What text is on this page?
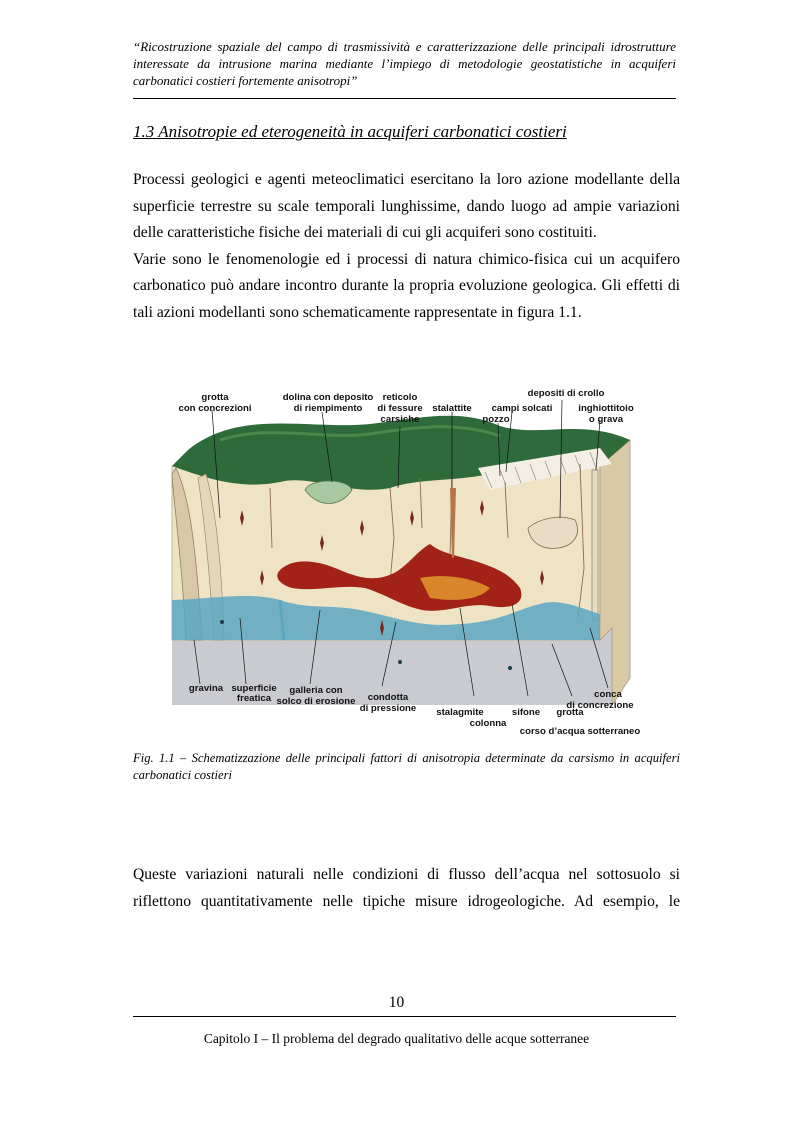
“Ricostruzione spaziale del campo di trasmissività e caratterizzazione delle principali idrostrutture interessate da intrusione marina mediante l’impiego di metodologie geostatistiche in acquiferi carbonatici costieri fortemente anisotropi”

1.3 Anisotropie ed eterogeneità in acquiferi carbonatici costieri
Processi geologici e agenti meteoclimatici esercitano la loro azione modellante della superficie terrestre su scale temporali lunghissime, dando luogo ad ampie variazioni delle caratteristiche fisiche dei materiali di cui gli acquiferi sono costituiti.
Varie sono le fenomenologie ed i processi di natura chimico-fisica cui un acquifero carbonatico può andare incontro durante la propria evoluzione geologica. Gli effetti di tali azioni modellanti sono schematicamente rappresentate in figura 1.1.
grotta
con concrezioni
dolina con deposito
di riempimento
reticolo
di fessure
carsiche
stalattite campi solcati
pozzo
depositi di crollo
inghiottitoio
o grava
gravina superficie
freatica
galleria con
solco di erosione condotta
di pressione stalagmite
colonna
sifone grotta
conca
di concrezione
corso d’acqua sotterraneo

Fig. 1.1 – Schematizzazione delle principali fattori di anisotropia determinate da carsismo in acquiferi carbonatici costieri

Queste variazioni naturali nelle condizioni di flusso dell’acqua nel sottosuolo si riflettono quantitativamente nelle tipiche misure idrogeologiche. Ad esempio, le

10

Capitolo I – Il problema del degrado qualitativo delle acque sotterranee
